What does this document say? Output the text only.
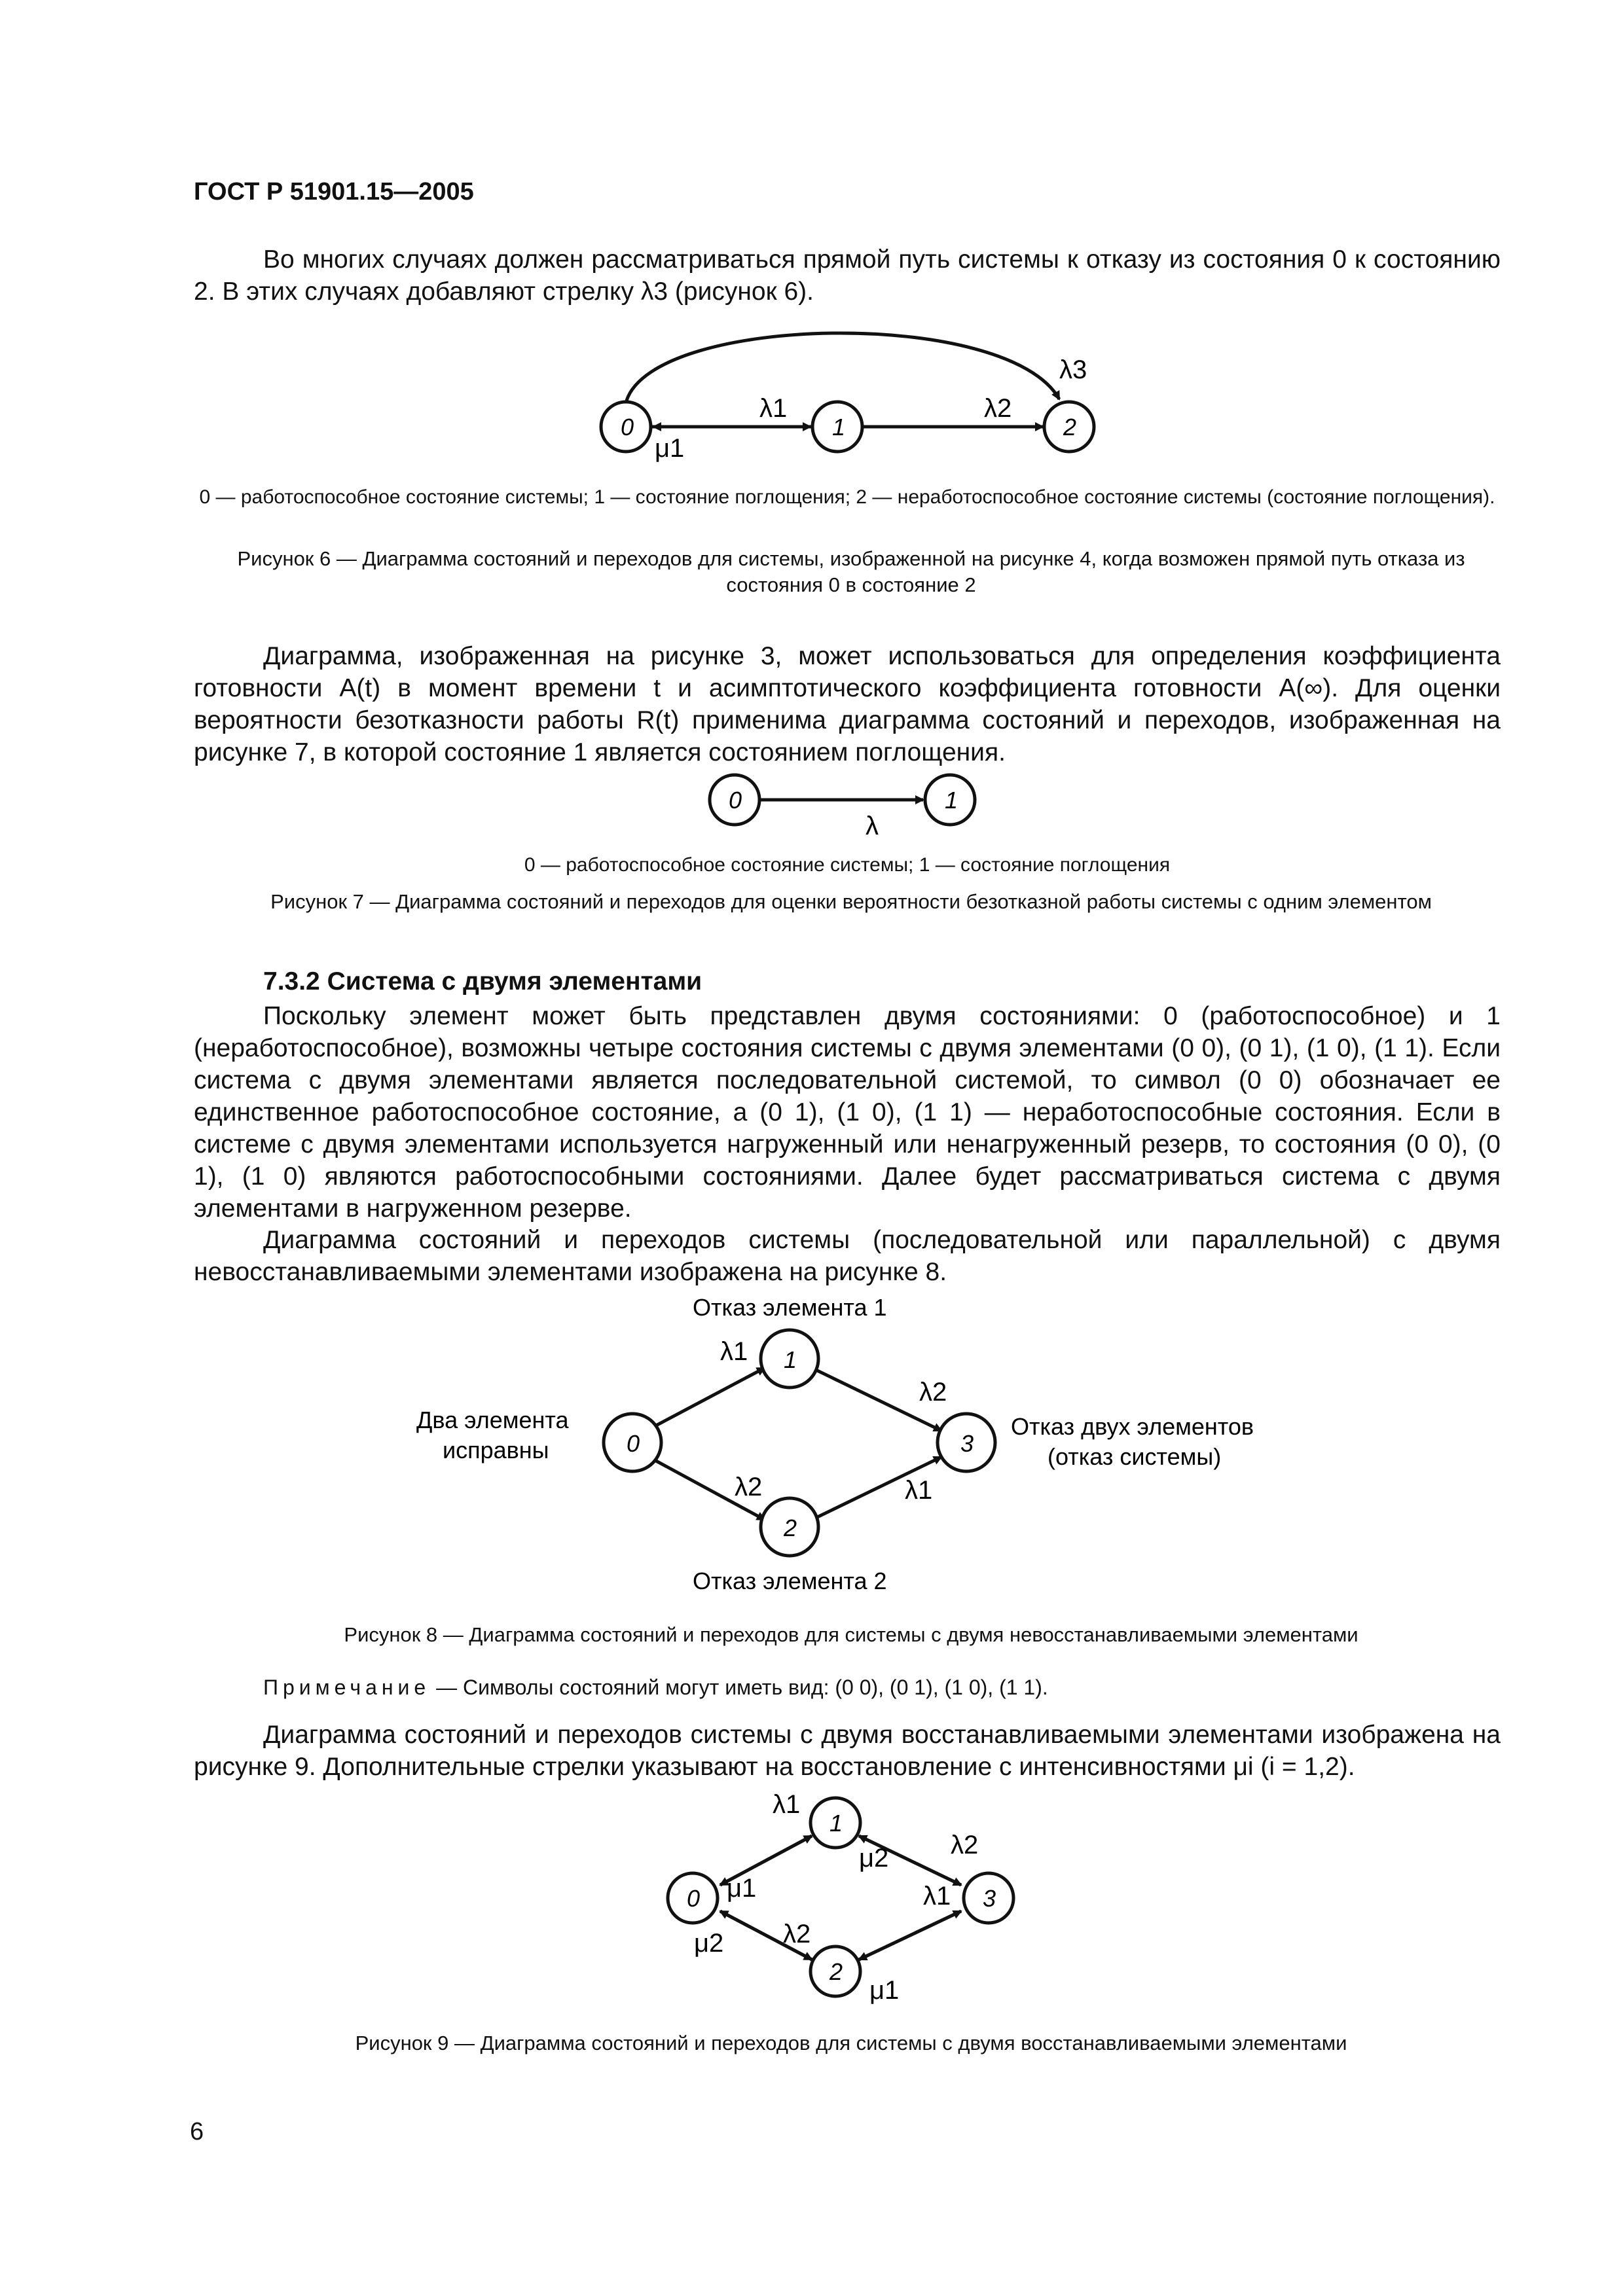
ГОСТ Р 51901.15—2005

Во многих случаях должен рассматриваться прямой путь системы к отказу из состояния 0 к состоянию 2. В этих случаях добавляют стрелку λ3 (рисунок 6).

0	1	2
λ1	λ2
λ3
μ1

0 — работоспособное состояние системы; 1 — состояние поглощения; 2 — неработоспособное состояние системы (состояние поглощения).

Рисунок 6 — Диаграмма состояний и переходов для системы, изображенной на рисунке 4, когда возможен прямой путь отказа из состояния 0 в состояние 2

Диаграмма, изображенная на рисунке 3, может использоваться для определения коэффициента готовности A(t) в момент времени t и асимптотического коэффициента готовности A(∞). Для оценки вероятности безотказности работы R(t) применима диаграмма состояний и переходов, изображенная на рисунке 7, в которой состояние 1 является состоянием поглощения.

0	1
λ

0 — работоспособное состояние системы; 1 — состояние поглощения

Рисунок 7 — Диаграмма состояний и переходов для оценки вероятности безотказной работы системы с одним элементом

7.3.2 Система с двумя элементами

Поскольку элемент может быть представлен двумя состояниями: 0 (работоспособное) и 1 (неработоспособное), возможны четыре состояния системы с двумя элементами (0 0), (0 1), (1 0), (1 1). Если система с двумя элементами является последовательной системой, то символ (0 0) обозначает ее единственное работоспособное состояние, а (0 1), (1 0), (1 1) — неработоспособные состояния. Если в системе с двумя элементами используется нагруженный или ненагруженный резерв, то состояния (0 0), (0 1), (1 0) являются работоспособными состояниями. Далее будет рассматриваться система с двумя элементами в нагруженном резерве.

Диаграмма состояний и переходов системы (последовательной или параллельной) с двумя невосстанавливаемыми элементами изображена на рисунке 8.

0
1
2
3
λ1
λ2
λ2	λ1
Отказ элемента 1
Отказ элемента 2
Два элемента
исправны
Отказ двух элементов
(отказ системы)

Рисунок 8 — Диаграмма состояний и переходов для системы с двумя невосстанавливаемыми элементами

Примечание — Символы состояний могут иметь вид: (0 0), (0 1), (1 0), (1 1).

Диаграмма состояний и переходов системы с двумя восстанавливаемыми элементами изображена на рисунке 9. Дополнительные стрелки указывают на восстановление с интенсивностями μi (i = 1,2).

0
1
2
3
λ1
μ1
μ2 λ2
λ1
μ2 λ2
μ1

Рисунок 9 — Диаграмма состояний и переходов для системы с двумя восстанавливаемыми элементами

6
